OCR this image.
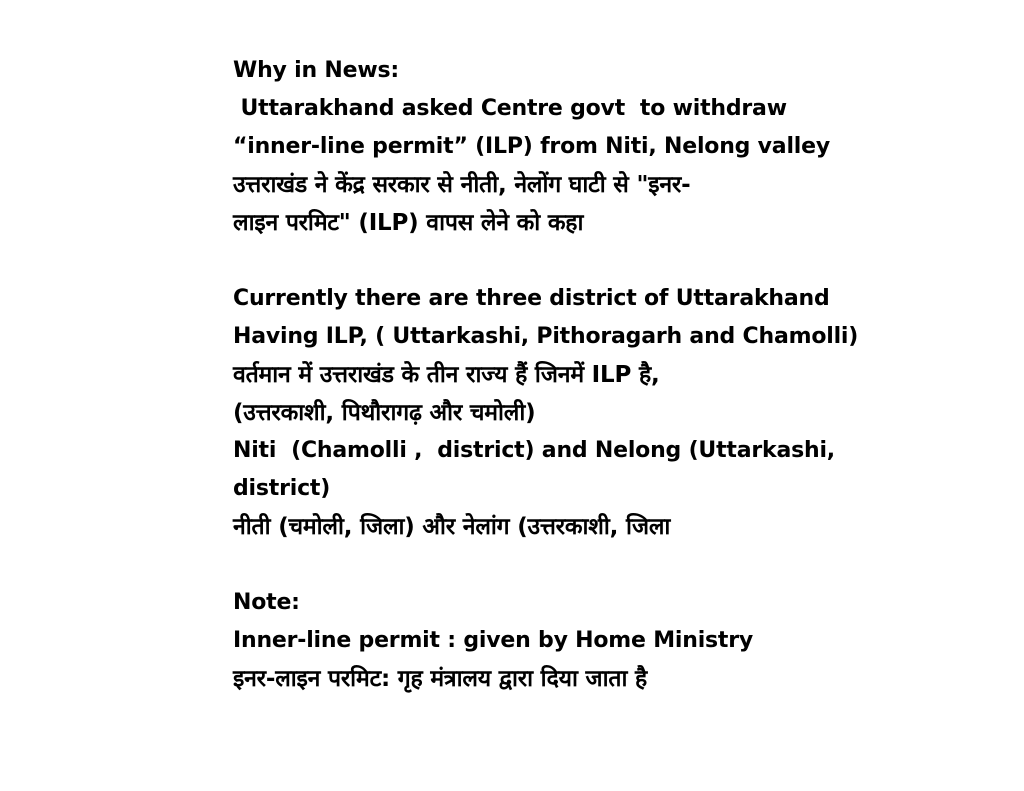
Why in News:
Uttarakhand asked Centre govt  to withdraw
“inner-line permit” (ILP) from Niti, Nelong valley
उत्तराखंड ने केंद्र सरकार से नीती, नेलोंग घाटी से "इनर-
लाइन परमिट" (ILP) वापस लेने को कहा
Currently there are three district of Uttarakhand
Having ILP, ( Uttarkashi, Pithoragarh and Chamolli)
वर्तमान में उत्तराखंड के तीन राज्य हैं जिनमें ILP है,
(उत्तरकाशी, पिथौरागढ़ और चमोली)
Niti  (Chamolli ,  district) and Nelong (Uttarkashi,
district)
नीती (चमोली, जिला) और नेलांग (उत्तरकाशी, जिला
Note:
Inner-line permit : given by Home Ministry
इनर-लाइन परमिट: गृह मंत्रालय द्वारा दिया जाता है
